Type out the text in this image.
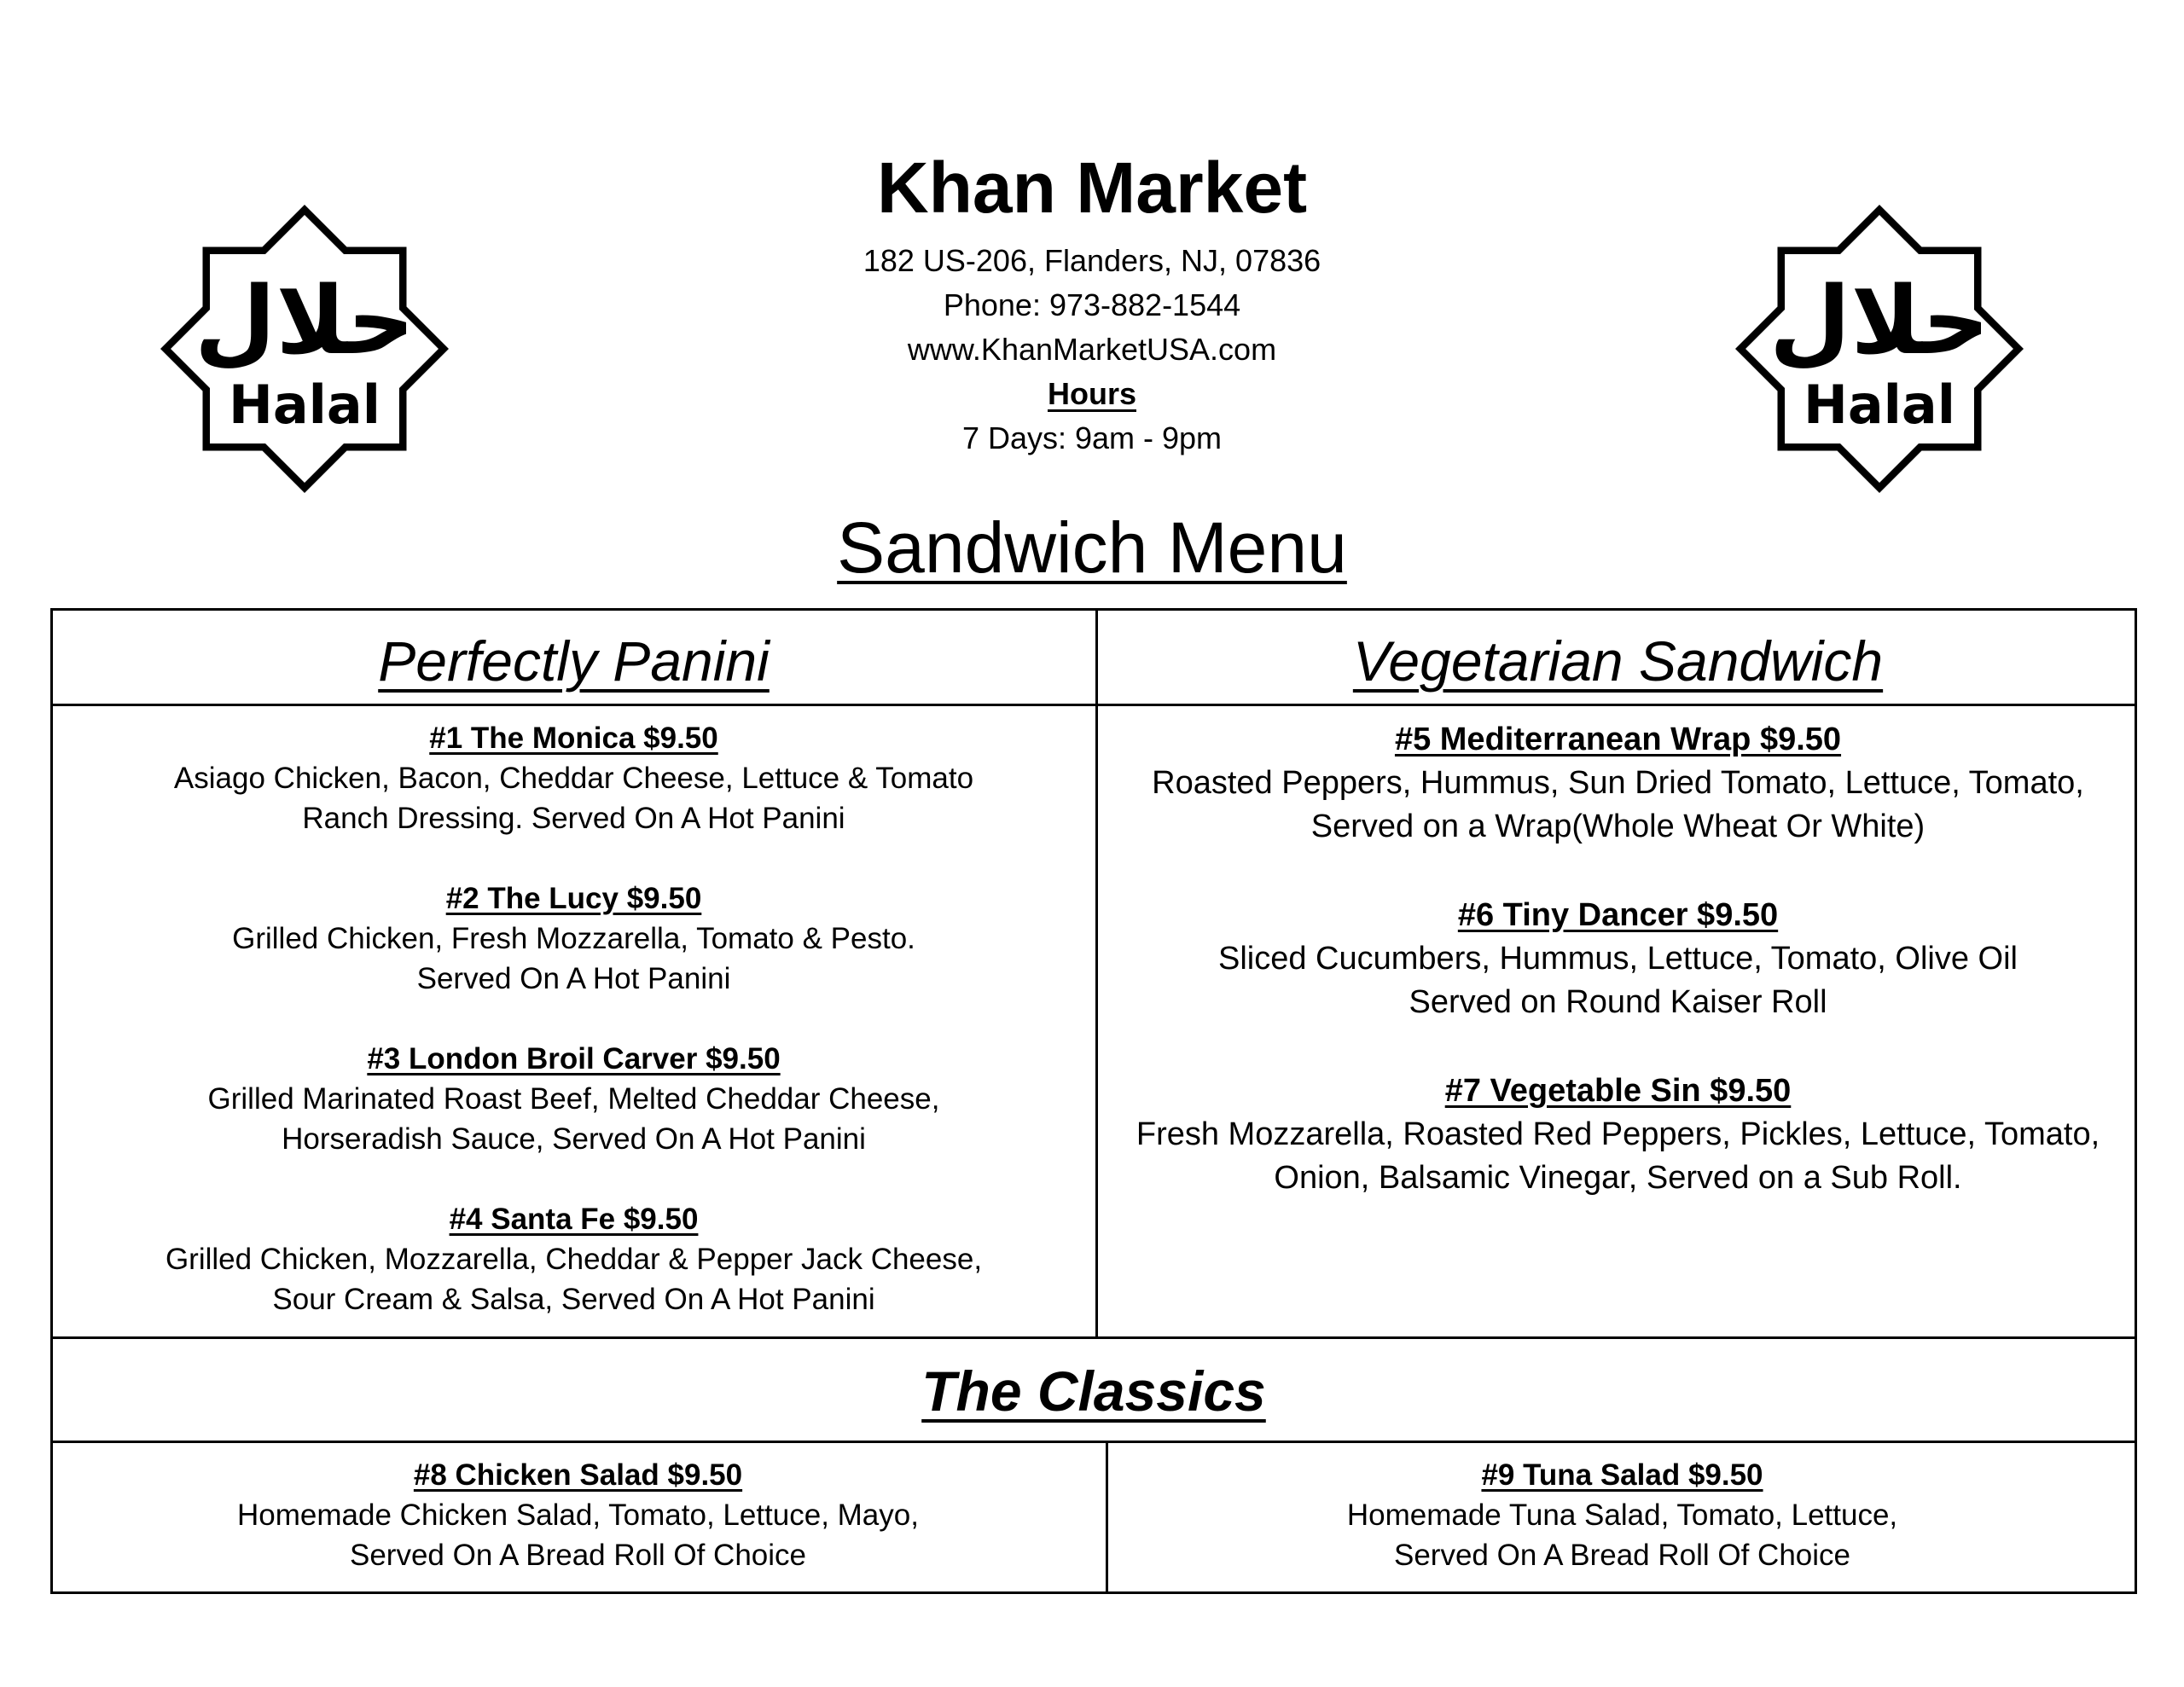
Khan Market
182 US-206, Flanders, NJ, 07836
Phone: 973-882-1544
www.KhanMarketUSA.com
Hours
7 Days: 9am - 9pm
حلال
Halal
حلال
Halal
Sandwich Menu
Perfectly Panini	Vegetarian Sandwich
The Classics
#1 The Monica $9.50
Asiago Chicken, Bacon, Cheddar Cheese, Lettuce & Tomato
Ranch Dressing. Served On A Hot Panini
#2 The Lucy $9.50
Grilled Chicken, Fresh Mozzarella, Tomato & Pesto.
Served On A Hot Panini
#3 London Broil Carver $9.50
Grilled Marinated Roast Beef, Melted Cheddar Cheese,
Horseradish Sauce, Served On A Hot Panini
#4 Santa Fe $9.50
Grilled Chicken, Mozzarella, Cheddar & Pepper Jack Cheese,
Sour Cream & Salsa, Served On A Hot Panini
#5 Mediterranean Wrap $9.50
Roasted Peppers, Hummus, Sun Dried Tomato, Lettuce, Tomato,
Served on a Wrap(Whole Wheat Or White)
#6 Tiny Dancer $9.50
Sliced Cucumbers, Hummus, Lettuce, Tomato, Olive Oil
Served on Round Kaiser Roll
#7 Vegetable Sin $9.50
Fresh Mozzarella, Roasted Red Peppers, Pickles, Lettuce, Tomato,
Onion, Balsamic Vinegar, Served on a Sub Roll.
#8 Chicken Salad $9.50
Homemade Chicken Salad, Tomato, Lettuce, Mayo,
Served On A Bread Roll Of Choice
#9 Tuna Salad $9.50
Homemade Tuna Salad, Tomato, Lettuce,
Served On A Bread Roll Of Choice
